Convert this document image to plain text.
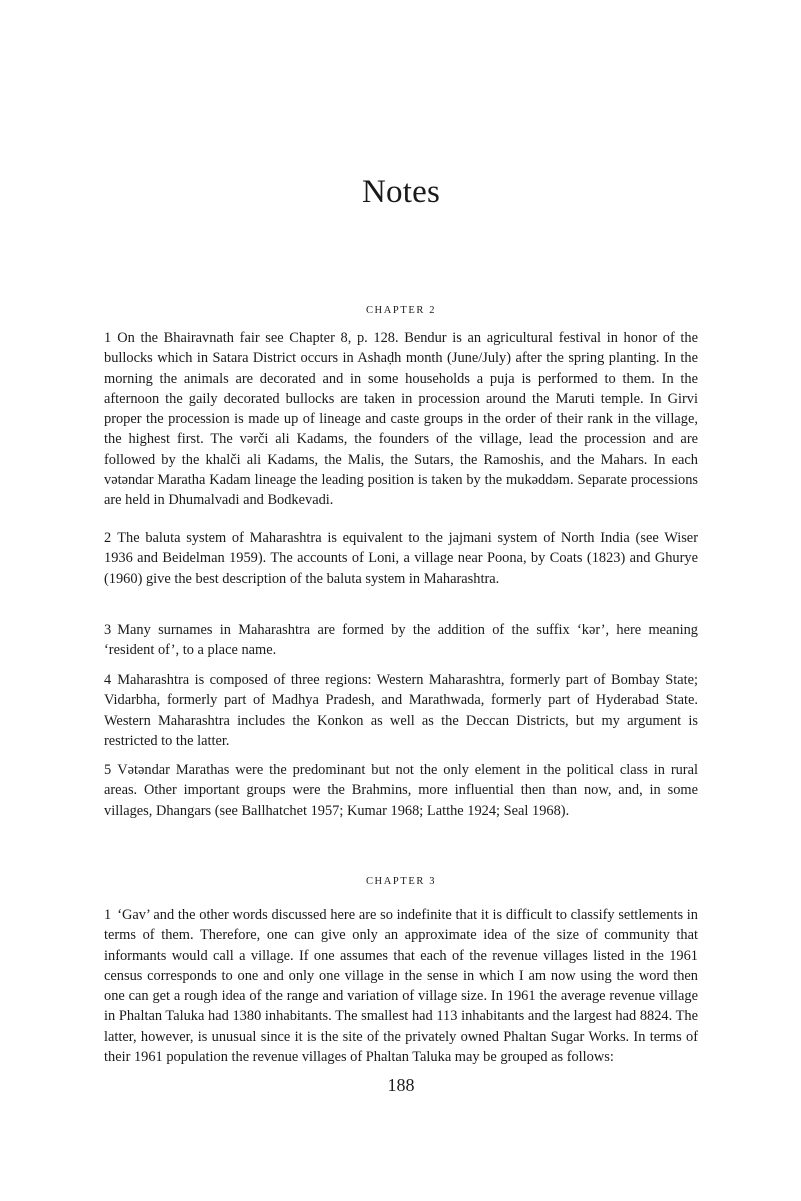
Notes
CHAPTER 2

1 On the Bhairavnath fair see Chapter 8, p. 128. Bendur is an agricultural festival in honor of the bullocks which in Satara District occurs in Ashaḍh month (June/July) after the spring planting. In the morning the animals are decorated and in some households a puja is performed to them. In the afternoon the gaily decorated bullocks are taken in procession around the Maruti temple. In Girvi proper the procession is made up of lineage and caste groups in the order of their rank in the village, the highest first. The vərči ali Kadams, the founders of the village, lead the procession and are followed by the khalči ali Kadams, the Malis, the Sutars, the Ramoshis, and the Mahars. In each vətəndar Maratha Kadam lineage the leading position is taken by the mukəddəm. Separate processions are held in Dhumalvadi and Bodkevadi.

2 The baluta system of Maharashtra is equivalent to the jajmani system of North India (see Wiser 1936 and Beidelman 1959). The accounts of Loni, a village near Poona, by Coats (1823) and Ghurye (1960) give the best description of the baluta system in Maharashtra.

3 Many surnames in Maharashtra are formed by the addition of the suffix ‘kər’, here meaning ‘resident of’, to a place name.

4 Maharashtra is composed of three regions: Western Maharashtra, formerly part of Bombay State; Vidarbha, formerly part of Madhya Pradesh, and Marathwada, formerly part of Hyderabad State. Western Maharashtra includes the Konkon as well as the Deccan Districts, but my argument is restricted to the latter.

5 Vətəndar Marathas were the predominant but not the only element in the political class in rural areas. Other important groups were the Brahmins, more influential then than now, and, in some villages, Dhangars (see Ballhatchet 1957; Kumar 1968; Latthe 1924; Seal 1968).

CHAPTER 3

1 ‘Gav’ and the other words discussed here are so indefinite that it is difficult to classify settlements in terms of them. Therefore, one can give only an approximate idea of the size of community that informants would call a village. If one assumes that each of the revenue villages listed in the 1961 census corresponds to one and only one village in the sense in which I am now using the word then one can get a rough idea of the range and variation of village size. In 1961 the average revenue village in Phaltan Taluka had 1380 inhabitants. The smallest had 113 inhabitants and the largest had 8824. The latter, however, is unusual since it is the site of the privately owned Phaltan Sugar Works. In terms of their 1961 population the revenue villages of Phaltan Taluka may be grouped as follows:

188
